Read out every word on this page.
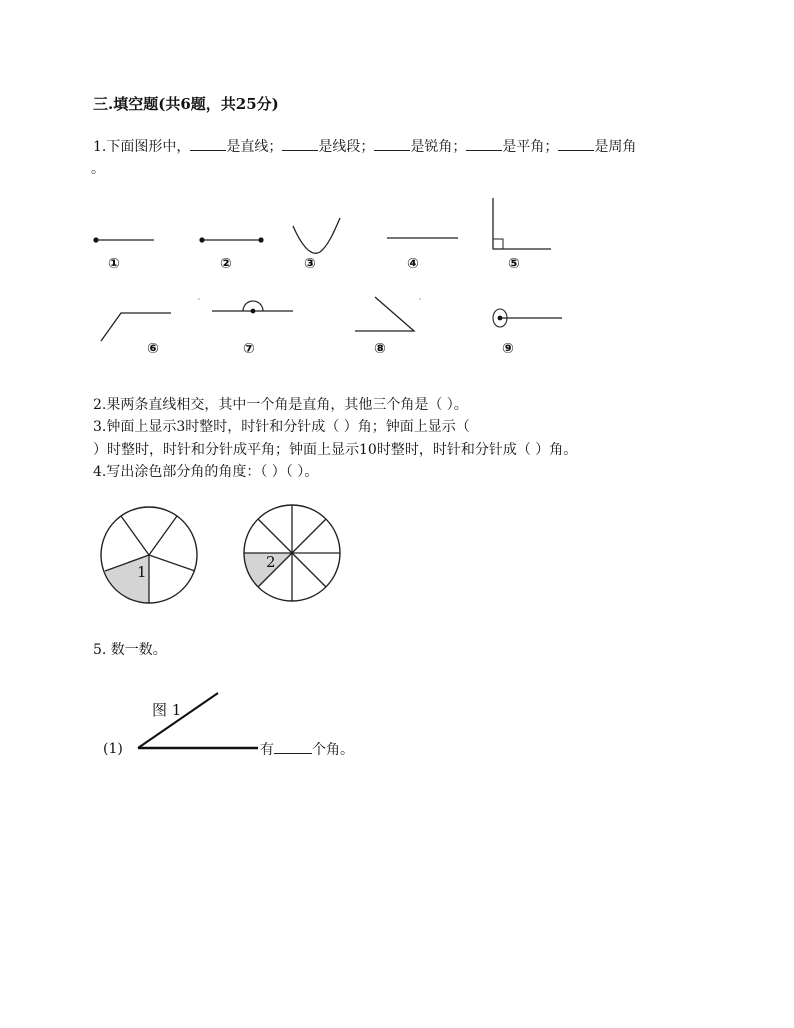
三.填空题(共6题，共25分)
1.下面图形中，	是直线；	是线段；	是锐角；	是平角；	是周角
。
①	②	③	④	⑤
⑥	⑦	⑧	⑨
2.果两条直线相交，其中一个角是直角，其他三个角是（ ）。
3.钟面上显示3时整时，时针和分针成（ ）角；钟面上显示（
）时整时，时针和分针成平角；钟面上显示10时整时，时针和分针成（ ）角。
4.写出涂色部分角的角度：（ ）（ ）。
1
2
5. 数一数。
图 1
(1)	有	个角。
